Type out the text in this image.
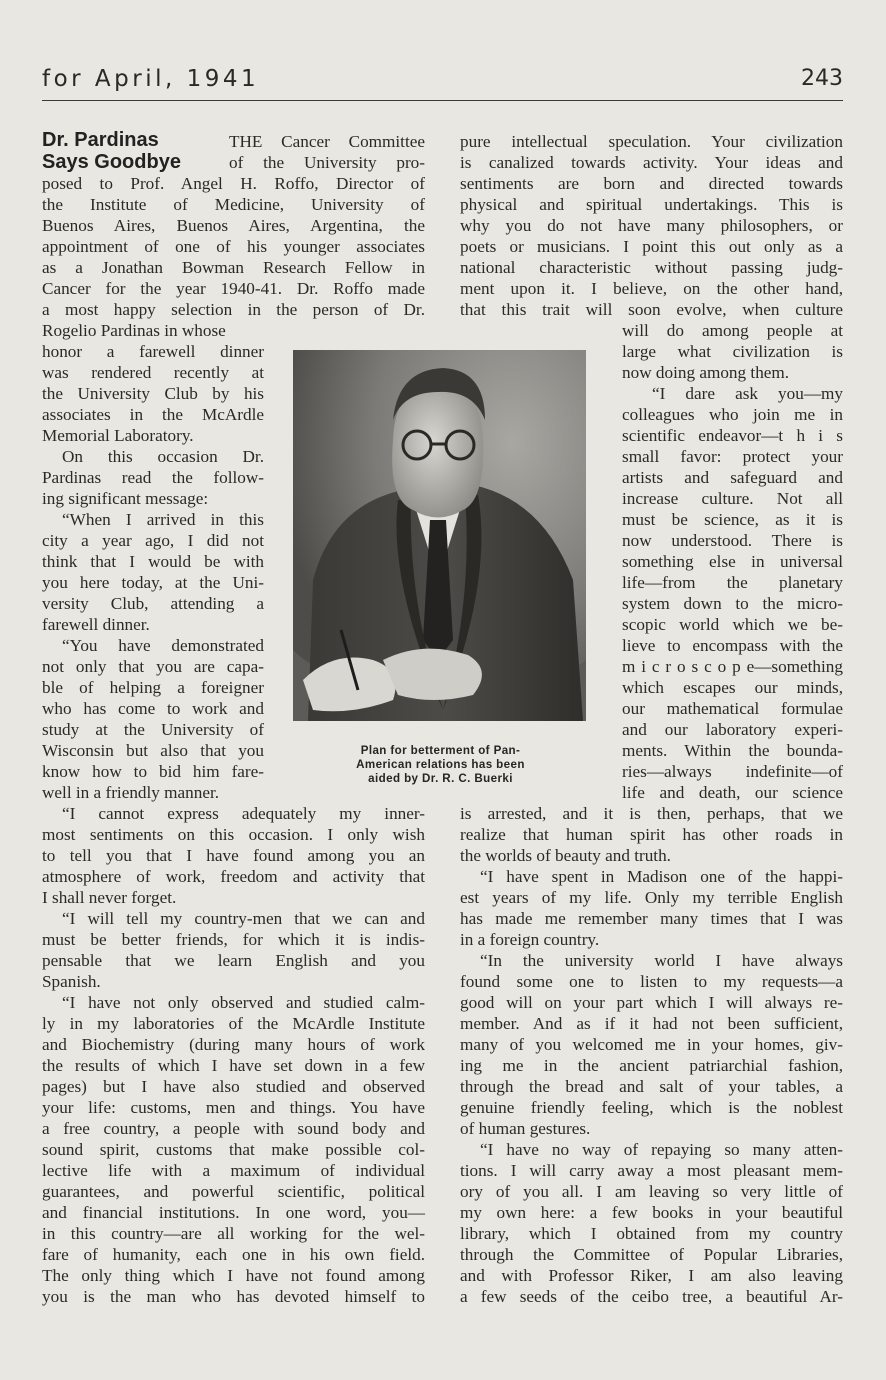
for April, 1941	243
Dr. Pardinas
Says Goodbye
THE Cancer Committee
of the University pro-
posed to Prof. Angel H. Roffo, Director of
the Institute of Medicine, University of
Buenos Aires, Buenos Aires, Argentina, the
appointment of one of his younger associates
as a Jonathan Bowman Research Fellow in
Cancer for the year 1940-41. Dr. Roffo made
a most happy selection in the person of Dr.
Rogelio Pardinas in whose
honor a farewell dinner
was rendered recently at
the University Club by his
associates in the McArdle
Memorial Laboratory.
On this occasion Dr.
Pardinas read the follow-
ing significant message:
“When I arrived in this
city a year ago, I did not
think that I would be with
you here today, at the Uni-
versity Club, attending a
farewell dinner.
“You have demonstrated
not only that you are capa-
ble of helping a foreigner
who has come to work and
study at the University of
Wisconsin but also that you
know how to bid him fare-
well in a friendly manner.
“I cannot express adequately my inner-
most sentiments on this occasion. I only wish
to tell you that I have found among you an
atmosphere of work, freedom and activity that
I shall never forget.
“I will tell my country-men that we can and
must be better friends, for which it is indis-
pensable that we learn English and you
Spanish.
“I have not only observed and studied calm-
ly in my laboratories of the McArdle Institute
and Biochemistry (during many hours of work
the results of which I have set down in a few
pages) but I have also studied and observed
your life: customs, men and things. You have
a free country, a people with sound body and
sound spirit, customs that make possible col-
lective life with a maximum of individual
guarantees, and powerful scientific, political
and financial institutions. In one word, you—
in this country—are all working for the wel-
fare of humanity, each one in his own field.
The only thing which I have not found among
you is the man who has devoted himself to
pure intellectual speculation. Your civilization
is canalized towards activity. Your ideas and
sentiments are born and directed towards
physical and spiritual undertakings. This is
why you do not have many philosophers, or
poets or musicians. I point this out only as a
national characteristic without passing judg-
ment upon it. I believe, on the other hand,
that this trait will soon evolve, when culture
will do among people at
large what civilization is
now doing among them.
“I dare ask you—my
colleagues who join me in
scientific endeavor—t h i s
small favor: protect your
artists and safeguard and
increase culture. Not all
must be science, as it is
now understood. There is
something else in universal
life—from the planetary
system down to the micro-
scopic world which we be-
lieve to encompass with the
m i c r o s c o p e—something
which escapes our minds,
our mathematical formulae
and our laboratory experi-
ments. Within the bounda-
ries—always indefinite—of
life and death, our science
is arrested, and it is then, perhaps, that we
realize that human spirit has other roads in
the worlds of beauty and truth.
“I have spent in Madison one of the happi-
est years of my life. Only my terrible English
has made me remember many times that I was
in a foreign country.
“In the university world I have always
found some one to listen to my requests—a
good will on your part which I will always re-
member. And as if it had not been sufficient,
many of you welcomed me in your homes, giv-
ing me in the ancient patriarchial fashion,
through the bread and salt of your tables, a
genuine friendly feeling, which is the noblest
of human gestures.
“I have no way of repaying so many atten-
tions. I will carry away a most pleasant mem-
ory of you all. I am leaving so very little of
my own here: a few books in your beautiful
library, which I obtained from my country
through the Committee of Popular Libraries,
and with Professor Riker, I am also leaving
a few seeds of the ceibo tree, a beautiful Ar-
Plan for betterment of Pan-
American relations has been
aided by Dr. R. C. Buerki
